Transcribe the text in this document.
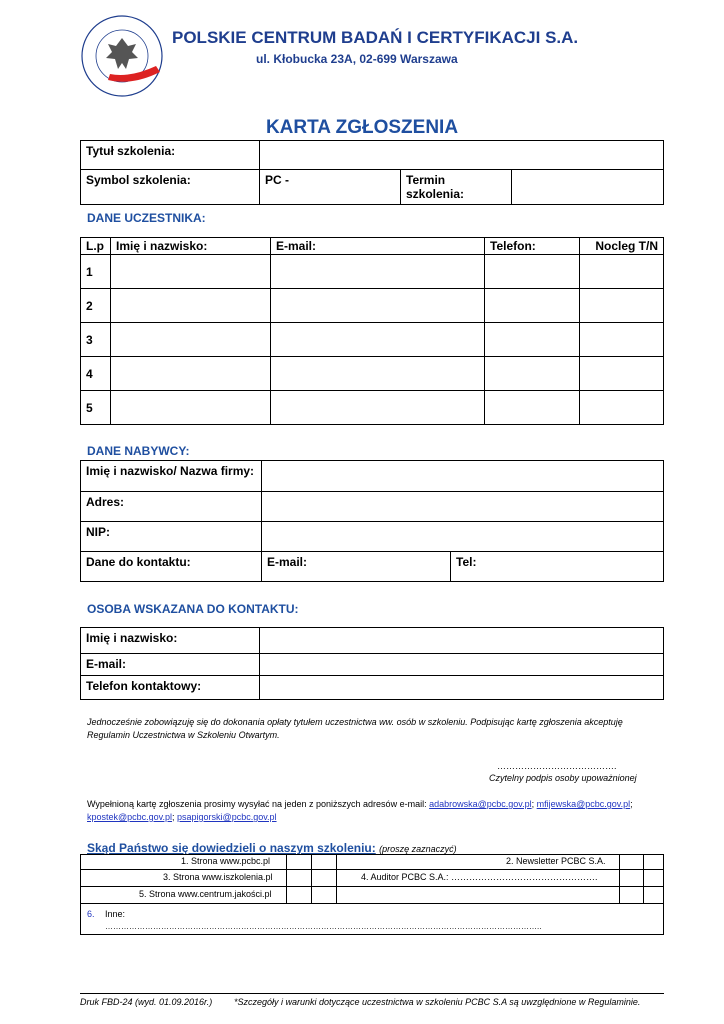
POLSKIE CENTRUM BADAŃ I CERTYFIKACJI S.A.
ul. Kłobucka 23A, 02-699 Warszawa
KARTA ZGŁOSZENIA
Tytuł szkolenia:			
Symbol szkolenia:	PC -	Termin szkolenia:	
DANE UCZESTNIKA:
L.p	Imię i nazwisko:	E-mail:	Telefon:	Nocleg T/N
1				
2				
3				
4				
5				
DANE NABYWCY:
Imię i nazwisko/ Nazwa firmy:		
Adres:		
NIP:		
Dane do kontaktu:	E-mail:	Tel:
OSOBA WSKAZANA DO KONTAKTU:
Imię i nazwisko:	
E-mail:	
Telefon kontaktowy:	
Jednocześnie zobowiązuję się do dokonania opłaty tytułem uczestnictwa ww. osób w szkoleniu. Podpisując kartę zgłoszenia akceptuję Regulamin Uczestnictwa w Szkoleniu Otwartym.
………………………………….
Czytelny podpis osoby upoważnionej
Wypełnioną kartę zgłoszenia prosimy wysyłać na jeden z poniższych adresów e-mail: adabrowska@pcbc.gov.pl; mfijewska@pcbc.gov.pl; kpostek@pcbc.gov.pl; psapigorski@pcbc.gov.pl
Skąd Państwo się dowiedzieli o naszym szkoleniu: (proszę zaznaczyć)
1. Strona www.pcbc.pl	2. Newsletter PCBC S.A.
3. Strona www.iszkolenia.pl	4. Auditor PCBC S.A.: ………………………………………….
5. Strona www.centrum.jakości.pl
6. Inne:
………………………………………………………………………………………………………………………………………………..
Druk FBD-24 (wyd. 01.09.2016r.) *Szczegóły i warunki dotyczące uczestnictwa w szkoleniu PCBC S.A są uwzględnione w Regulaminie.
